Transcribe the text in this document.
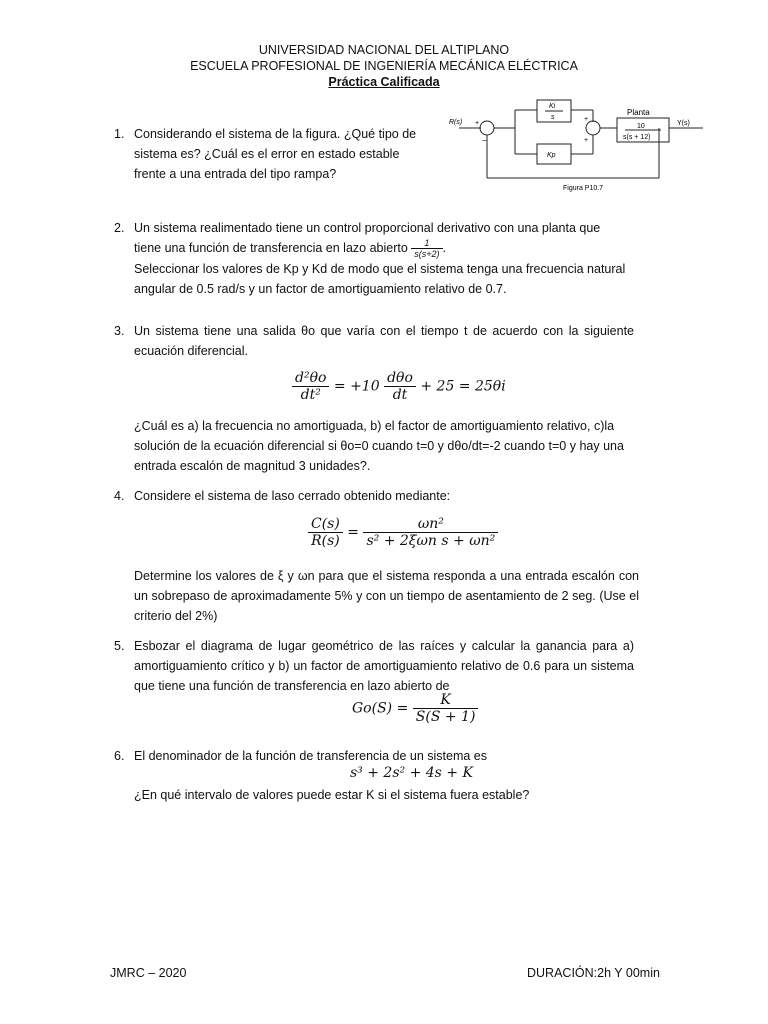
UNIVERSIDAD NACIONAL DEL ALTIPLANO
ESCUELA PROFESIONAL DE INGENIERÍA MECÁNICA ELÉCTRICA
Práctica Calificada
R(s)	Y(s)
Ki
s
Kp
Planta
10
s(s + 12)
+
−
+
+
Figura P10.7
1. Considerando el sistema de la figura. ¿Qué tipo de sistema es? ¿Cuál es el error en estado estable frente a una entrada del tipo rampa?
2. Un sistema realimentado tiene un control proporcional derivativo con una planta que
tiene una función de transferencia en lazo abierto $\frac{1}{s(s+2)}$ .
Seleccionar los valores de Kp y Kd de modo que el sistema tenga una frecuencia natural
angular de 0.5 rad/s y un factor de amortiguamiento relativo de 0.7.
3. Un sistema tiene una salida θo que varía con el tiempo t de acuerdo con la siguiente ecuación diferencial.
$\frac{\text{d²θo}}{\text{dt²}} = +10 \frac{\text{dθo}}{dt} + 25 = 25\theta i$
¿Cuál es a) la frecuencia no amortiguada, b) el factor de amortiguamiento relativo, c)la solución de la ecuación diferencial si θo=0 cuando t=0 y dθo/dt=-2 cuando t=0 y hay una entrada escalón de magnitud 3 unidades?.
4. Considere el sistema de laso cerrado obtenido mediante:
$\frac{C(s)}{R(s)} = \frac{\text{ωn²}}{\text{s² + 2ξωn s + ωn²}}$
Determine los valores de ξ y ωn para que el sistema responda a una entrada escalón con un sobrepaso de aproximadamente 5% y con un tiempo de asentamiento de 2 seg. (Use el criterio del 2%)
5. Esbozar el diagrama de lugar geométrico de las raíces y calcular la ganancia para a) amortiguamiento crítico y b) un factor de amortiguamiento relativo de 0.6 para un sistema que tiene una función de transferencia en lazo abierto de
$Go(S) = \frac{K}{S(S + 1)}$
6. El denominador de la función de transferencia de un sistema es
s³ + 2s² + 4s + K
¿En qué intervalo de valores puede estar K si el sistema fuera estable?
JMRC – 2020	DURACIÓN:2h Y 00min
